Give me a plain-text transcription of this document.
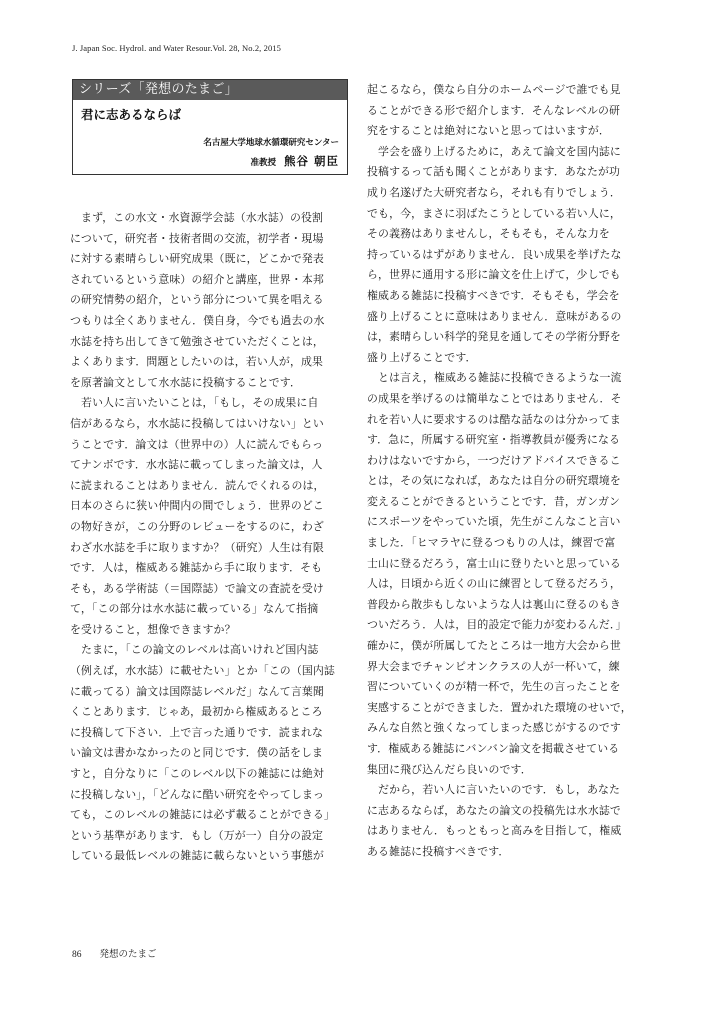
J. Japan Soc. Hydrol. and Water Resour.Vol. 28, No.2, 2015
シリーズ「発想のたまご」
君に志あるならば
名古屋大学地球水循環研究センター
准教授 熊谷 朝臣
　まず，この水文・水資源学会誌（水水誌）の役割
について，研究者・技術者間の交流，初学者・現場
に対する素晴らしい研究成果（既に，どこかで発表
されているという意味）の紹介と講座，世界・本邦
の研究情勢の紹介，という部分について異を唱える
つもりは全くありません．僕自身，今でも過去の水
水誌を持ち出してきて勉強させていただくことは，
よくあります．問題としたいのは，若い人が，成果
を原著論文として水水誌に投稿することです．
　若い人に言いたいことは，「もし，その成果に自
信があるなら，水水誌に投稿してはいけない」とい
うことです．論文は（世界中の）人に読んでもらっ
てナンボです．水水誌に載ってしまった論文は，人
に読まれることはありません．読んでくれるのは，
日本のさらに狭い仲間内の間でしょう．世界のどこ
の物好きが，この分野のレビューをするのに，わざ
わざ水水誌を手に取りますか？（研究）人生は有限
です．人は，権威ある雑誌から手に取ります．そも
そも，ある学術誌（＝国際誌）で論文の査読を受け
て，「この部分は水水誌に載っている」なんて指摘
を受けること，想像できますか？
　たまに，「この論文のレベルは高いけれど国内誌
（例えば，水水誌）に載せたい」とか「この（国内誌
に載ってる）論文は国際誌レベルだ」なんて言葉聞
くことあります．じゃあ，最初から権威あるところ
に投稿して下さい．上で言った通りです．読まれな
い論文は書かなかったのと同じです．僕の話をしま
すと，自分なりに「このレベル以下の雑誌には絶対
に投稿しない」，「どんなに酷い研究をやってしまっ
ても，このレベルの雑誌には必ず載ることができる」
という基準があります．もし（万が一）自分の設定
している最低レベルの雑誌に載らないという事態が
起こるなら，僕なら自分のホームページで誰でも見
ることができる形で紹介します．そんなレベルの研
究をすることは絶対にないと思ってはいますが．
　学会を盛り上げるために，あえて論文を国内誌に
投稿するって話も聞くことがあります．あなたが功
成り名遂げた大研究者なら，それも有りでしょう．
でも，今，まさに羽ばたこうとしている若い人に，
その義務はありませんし，そもそも，そんな力を
持っているはずがありません．良い成果を挙げたな
ら，世界に通用する形に論文を仕上げて，少しでも
権威ある雑誌に投稿すべきです．そもそも，学会を
盛り上げることに意味はありません．意味があるの
は，素晴らしい科学的発見を通してその学術分野を
盛り上げることです．
　とは言え，権威ある雑誌に投稿できるような一流
の成果を挙げるのは簡単なことではありません．そ
れを若い人に要求するのは酷な話なのは分かってま
す．急に，所属する研究室・指導教員が優秀になる
わけはないですから，一つだけアドバイスできるこ
とは，その気になれば，あなたは自分の研究環境を
変えることができるということです．昔，ガンガン
にスポーツをやっていた頃，先生がこんなこと言い
ました．「ヒマラヤに登るつもりの人は，練習で富
士山に登るだろう，富士山に登りたいと思っている
人は，日頃から近くの山に練習として登るだろう，
普段から散歩もしないような人は裏山に登るのもき
ついだろう．人は，目的設定で能力が変わるんだ．」
確かに，僕が所属してたところは一地方大会から世
界大会までチャンピオンクラスの人が一杯いて，練
習についていくのが精一杯で，先生の言ったことを
実感することができました．置かれた環境のせいで，
みんな自然と強くなってしまった感じがするのです
す．権威ある雑誌にバンバン論文を掲載させている
集団に飛び込んだら良いのです．
　だから，若い人に言いたいのです．もし，あなた
に志あるならば，あなたの論文の投稿先は水水誌で
はありません．もっともっと高みを目指して，権威
ある雑誌に投稿すべきです．
86 発想のたまご
